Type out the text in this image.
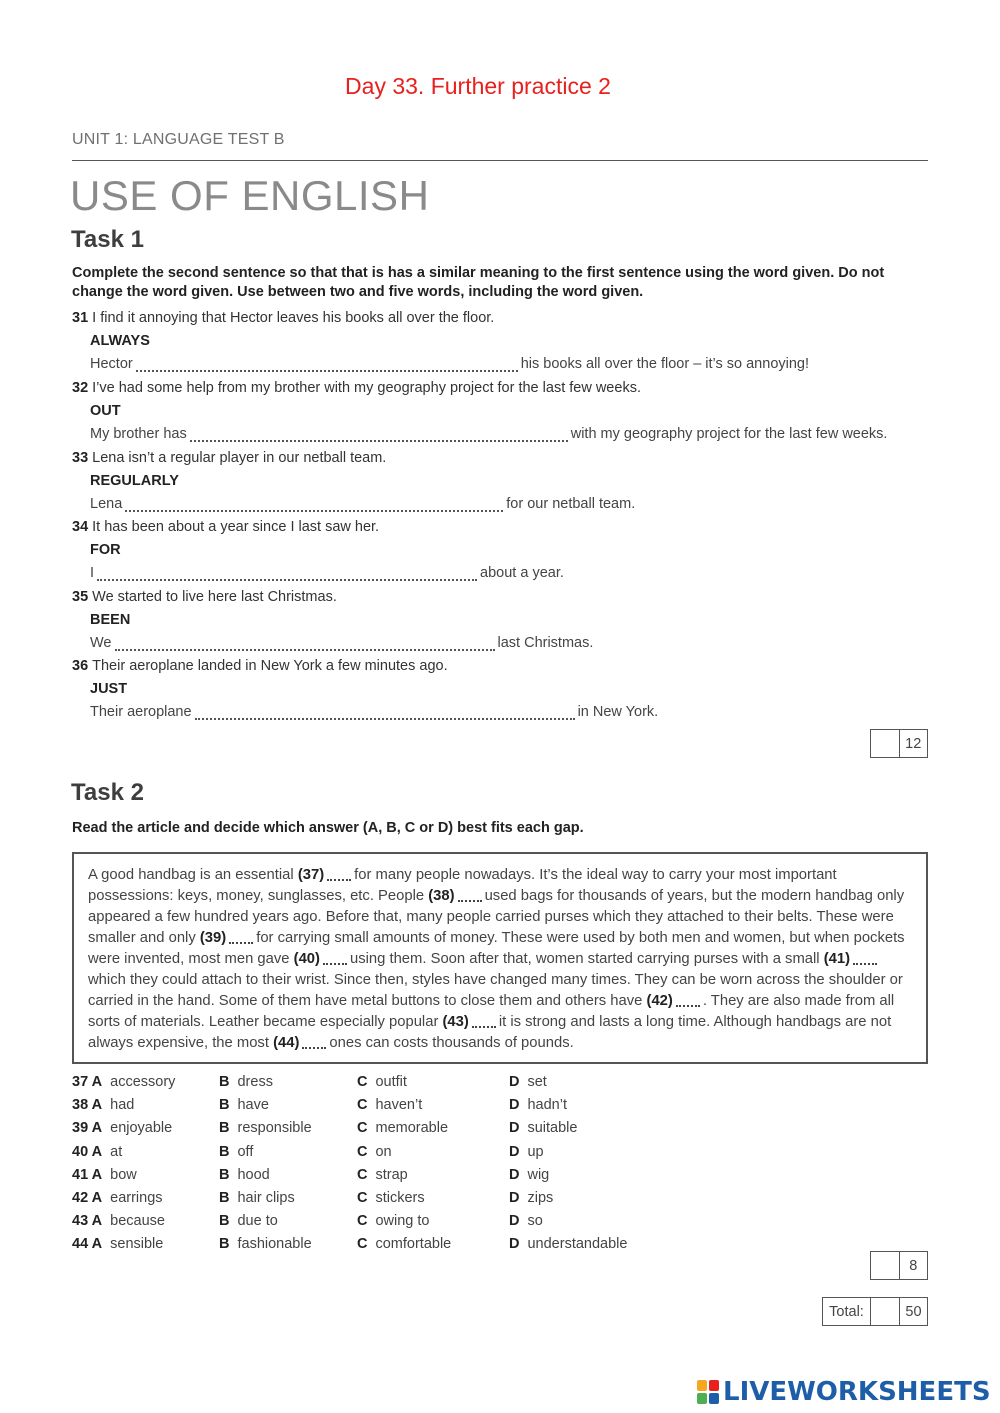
Day 33. Further practice 2
UNIT 1: LANGUAGE TEST B
USE OF ENGLISH
Task 1
Complete the second sentence so that that is has a similar meaning to the first sentence using the word given. Do not change the word given. Use between two and five words, including the word given.
31 I find it annoying that Hector leaves his books all over the floor.
ALWAYS
Hector	his books all over the floor – it’s so annoying!
32 I’ve had some help from my brother with my geography project for the last few weeks.
OUT
My brother has	with my geography project for the last few weeks.
33 Lena isn’t a regular player in our netball team.
REGULARLY
Lena	for our netball team.
34 It has been about a year since I last saw her.
FOR
I	about a year.
35 We started to live here last Christmas.
BEEN
We	last Christmas.
36 Their aeroplane landed in New York a few minutes ago.
JUST
Their aeroplane	in New York.
12
Task 2
Read the article and decide which answer (A, B, C or D) best fits each gap.

A good handbag is an essential (37) for many people nowadays. It’s the ideal way to carry your most important possessions: keys, money, sunglasses, etc. People (38) used bags for thousands of years, but the modern handbag only appeared a few hundred years ago. Before that, many people carried purses which they attached to their belts. These were smaller and only (39) for carrying small amounts of money. These were used by both men and women, but when pockets were invented, most men gave (40) using them. Soon after that, women started carrying purses with a small (41)which they could attach to their wrist. Since then, styles have changed many times. They can be worn across the shoulder or carried in the hand. Some of them have metal buttons to close them and others have (42) . They are also made from all sorts of materials. Leather became especially popular (43) it is strong and lasts a long time. Although handbags are not always expensive, the most (44) ones can costs thousands of pounds.

37 A accessory	B dress	C outfit	D set
38 A had	B have	C haven’t	D hadn’t
39 A enjoyable	B responsible	C memorable	D suitable
40 A at	B off	C on	D up
41 A bow	B hood	C strap	D wig
42 A earrings	B hair clips	C stickers	D zips
43 A because	B due to	C owing to	D so
44 A sensible	B fashionable	C comfortable	D understandable
8
Total:	50
LIVEWORKSHEETS
